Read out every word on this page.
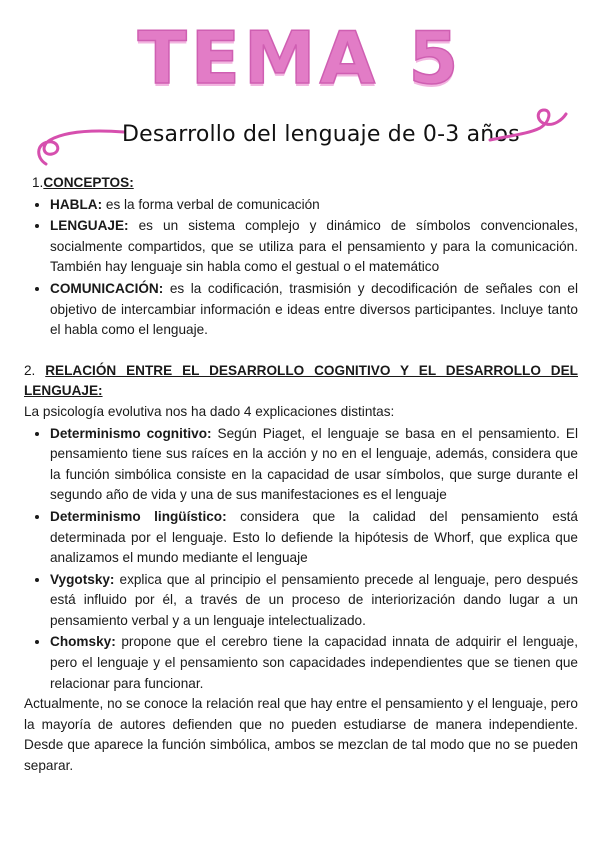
TEMA 5
Desarrollo del lenguaje de 0-3 años

1.CONCEPTOS:

• HABLA: es la forma verbal de comunicación
• LENGUAJE: es un sistema complejo y dinámico de símbolos convencionales, socialmente compartidos, que se utiliza para el pensamiento y para la comunicación. También hay lenguaje sin habla como el gestual o el matemático
• COMUNICACIÓN: es la codificación, trasmisión y decodificación de señales con el objetivo de intercambiar información e ideas entre diversos participantes. Incluye tanto el habla como el lenguaje.

2. RELACIÓN ENTRE EL DESARROLLO COGNITIVO Y EL DESARROLLO DEL LENGUAJE:

La psicología evolutiva nos ha dado 4 explicaciones distintas:

• Determinismo cognitivo: Según Piaget, el lenguaje se basa en el pensamiento. El pensamiento tiene sus raíces en la acción y no en el lenguaje, además, considera que la función simbólica consiste en la capacidad de usar símbolos, que surge durante el segundo año de vida y una de sus manifestaciones es el lenguaje
• Determinismo lingüístico: considera que la calidad del pensamiento está determinada por el lenguaje. Esto lo defiende la hipótesis de Whorf, que explica que analizamos el mundo mediante el lenguaje
• Vygotsky: explica que al principio el pensamiento precede al lenguaje, pero después está influido por él, a través de un proceso de interiorización dando lugar a un pensamiento verbal y a un lenguaje intelectualizado.
• Chomsky: propone que el cerebro tiene la capacidad innata de adquirir el lenguaje, pero el lenguaje y el pensamiento son capacidades independientes que se tienen que relacionar para funcionar.

Actualmente, no se conoce la relación real que hay entre el pensamiento y el lenguaje, pero la mayoría de autores defienden que no pueden estudiarse de manera independiente. Desde que aparece la función simbólica, ambos se mezclan de tal modo que no se pueden separar.
